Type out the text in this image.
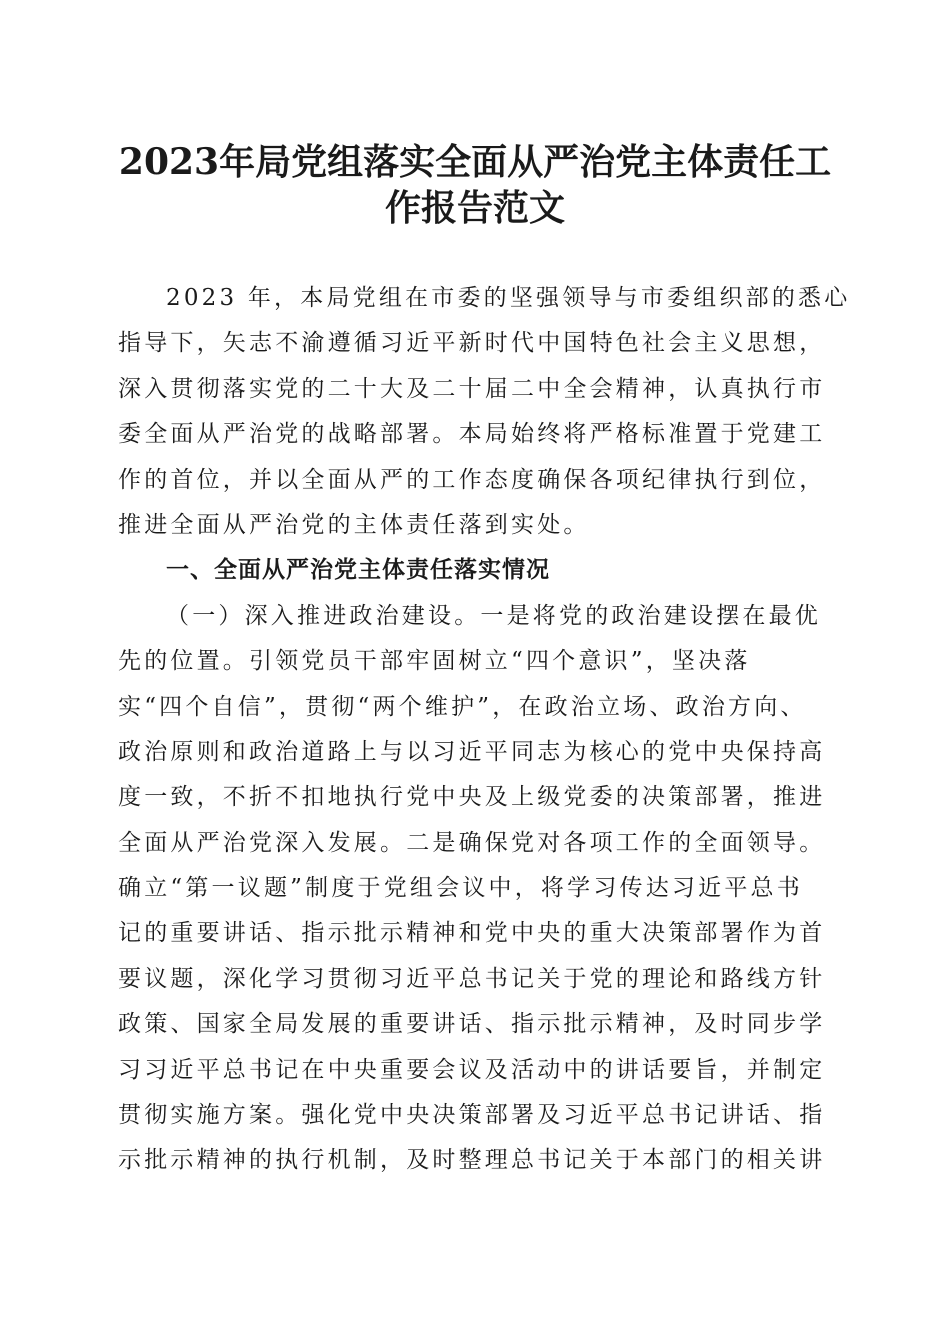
2023年局党组落实全面从严治党主体责任工
作报告范文
2023 年，本局党组在市委的坚强领导与市委组织部的悉心
指导下，矢志不渝遵循习近平新时代中国特色社会主义思想，
深入贯彻落实党的二十大及二十届二中全会精神，认真执行市
委全面从严治党的战略部署。本局始终将严格标准置于党建工
作的首位，并以全面从严的工作态度确保各项纪律执行到位，
推进全面从严治党的主体责任落到实处。
一、全面从严治党主体责任落实情况
（一）深入推进政治建设。一是将党的政治建设摆在最优
先的位置。引领党员干部牢固树立“四个意识”，坚决落
实“四个自信”，贯彻“两个维护”，在政治立场、政治方向、
政治原则和政治道路上与以习近平同志为核心的党中央保持高
度一致，不折不扣地执行党中央及上级党委的决策部署，推进
全面从严治党深入发展。二是确保党对各项工作的全面领导。
确立“第一议题”制度于党组会议中，将学习传达习近平总书
记的重要讲话、指示批示精神和党中央的重大决策部署作为首
要议题，深化学习贯彻习近平总书记关于党的理论和路线方针
政策、国家全局发展的重要讲话、指示批示精神，及时同步学
习习近平总书记在中央重要会议及活动中的讲话要旨，并制定
贯彻实施方案。强化党中央决策部署及习近平总书记讲话、指
示批示精神的执行机制，及时整理总书记关于本部门的相关讲
